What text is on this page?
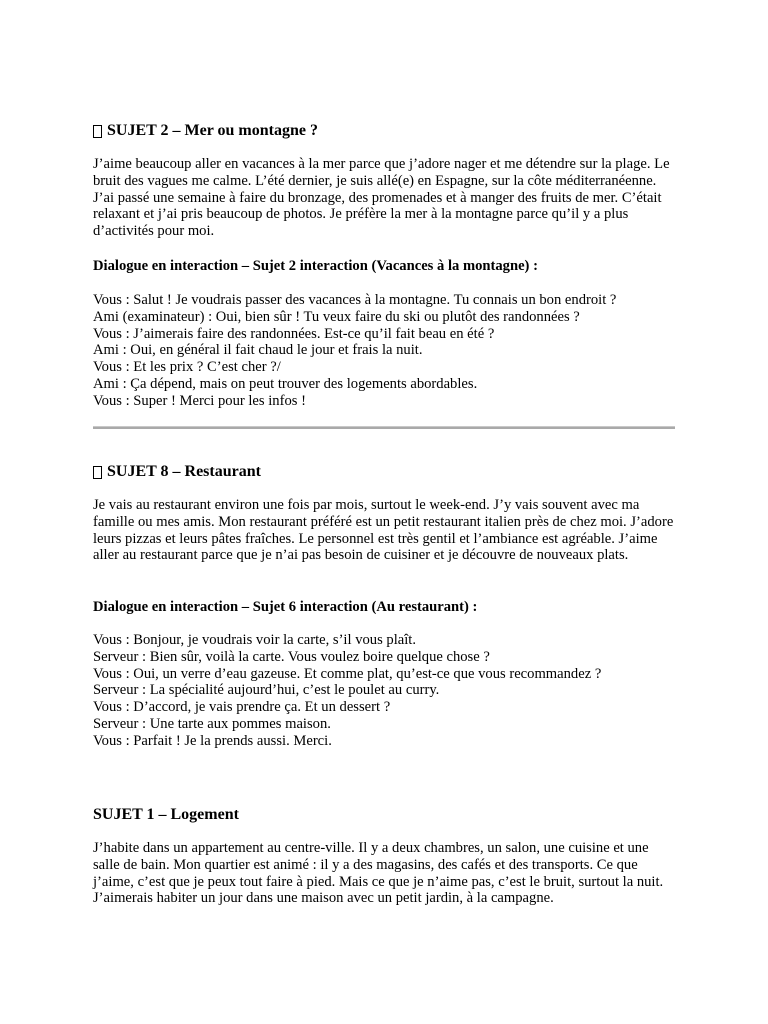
SUJET 2 – Mer ou montagne ?

J’aime beaucoup aller en vacances à la mer parce que j’adore nager et me détendre sur la plage. Le bruit des vagues me calme. L’été dernier, je suis allé(e) en Espagne, sur la côte méditerranéenne. J’ai passé une semaine à faire du bronzage, des promenades et à manger des fruits de mer. C’était relaxant et j’ai pris beaucoup de photos. Je préfère la mer à la montagne parce qu’il y a plus d’activités pour moi.

Dialogue en interaction – Sujet 2 interaction (Vacances à la montagne) :

Vous : Salut ! Je voudrais passer des vacances à la montagne. Tu connais un bon endroit ?

Ami (examinateur) : Oui, bien sûr ! Tu veux faire du ski ou plutôt des randonnées ?

Vous : J’aimerais faire des randonnées. Est-ce qu’il fait beau en été ?

Ami : Oui, en général il fait chaud le jour et frais la nuit.

Vous : Et les prix ? C’est cher ?/

Ami : Ça dépend, mais on peut trouver des logements abordables.

Vous : Super ! Merci pour les infos !

SUJET 8 – Restaurant

Je vais au restaurant environ une fois par mois, surtout le week-end. J’y vais souvent avec ma famille ou mes amis. Mon restaurant préféré est un petit restaurant italien près de chez moi. J’adore leurs pizzas et leurs pâtes fraîches. Le personnel est très gentil et l’ambiance est agréable. J’aime aller au restaurant parce que je n’ai pas besoin de cuisiner et je découvre de nouveaux plats.

Dialogue en interaction – Sujet 6 interaction (Au restaurant) :

Vous : Bonjour, je voudrais voir la carte, s’il vous plaît.

Serveur : Bien sûr, voilà la carte. Vous voulez boire quelque chose ?

Vous : Oui, un verre d’eau gazeuse. Et comme plat, qu’est-ce que vous recommandez ?

Serveur : La spécialité aujourd’hui, c’est le poulet au curry.

Vous : D’accord, je vais prendre ça. Et un dessert ?

Serveur : Une tarte aux pommes maison.

Vous : Parfait ! Je la prends aussi. Merci.

SUJET 1 – Logement

J’habite dans un appartement au centre-ville. Il y a deux chambres, un salon, une cuisine et une salle de bain. Mon quartier est animé : il y a des magasins, des cafés et des transports. Ce que j’aime, c’est que je peux tout faire à pied. Mais ce que je n’aime pas, c’est le bruit, surtout la nuit. J’aimerais habiter un jour dans une maison avec un petit jardin, à la campagne.
